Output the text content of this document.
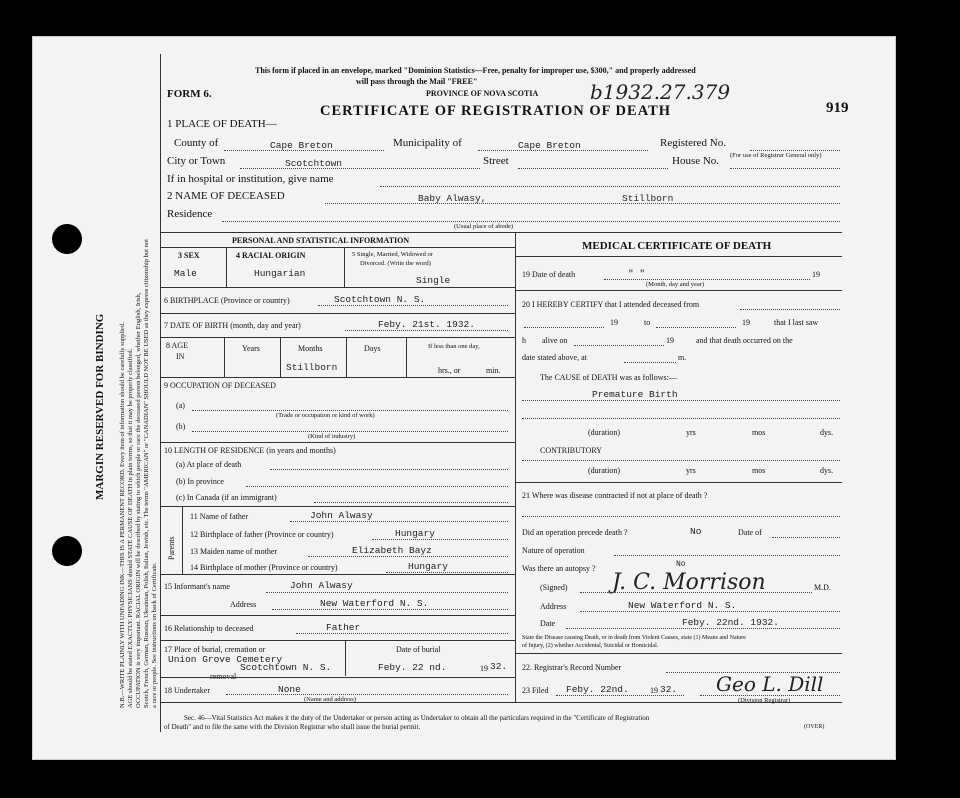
MARGIN RESERVED FOR BINDING N.B.—WRITE PLAINLY WITH UNFADING INK—THIS IS A PERMANENT RECORD. Every item of information should be carefully supplied. AGE should be stated EXACTLY. PHYSICIANS should STATE CAUSE OF DEATH in plain terms, so that it may be properly classified. OCCUPATION is very important. RACIAL ORIGIN will be described by stating to which people or race the deceased person belonged, whether English, Irish, Scotch, French, German, Russian, Ukrainian, Polish, Italian, Jewish, etc. The terms "AMERICAN" or "CANADIAN" SHOULD NOT BE USED as they express citizenship but not a race or people. See instructions on back of Certificate.
This form if placed in an envelope, marked "Dominion Statistics—Free, penalty for improper use, $300," and properly addressed
will pass through the Mail "FREE"
PROVINCE OF NOVA SCOTIA	b1932.27.379
FORM 6.
CERTIFICATE OF REGISTRATION OF DEATH	919
1 PLACE OF DEATH—
County of	Cape Breton	Municipality of	Cape Breton	Registered No.
(For use of Registrar General only)
City or Town	Scotchtown	Street	House No.
If in hospital or institution, give name
2 NAME OF DECEASED	Baby Alwasy,	Stillborn
Residence
(Usual place of abode)
PERSONAL AND STATISTICAL INFORMATION
3 SEX
Male
4 RACIAL ORIGIN
Hungarian
5 Single, Married, Widowed or
Divorced. (Write the word)
Single
6 BIRTHPLACE (Province or country)	Scotchtown N. S.
7 DATE OF BIRTH (month, day and year)	Feby. 21st. 1932.
8 AGE
IN
Years	Months
Stillborn
Days	If less than one day,
hrs., or	min.
9 OCCUPATION OF DECEASED
(a)
(Trade or occupation or kind of work)
(b)
(Kind of industry)
10 LENGTH OF RESIDENCE (in years and months)
(a) At place of death
(b) In province
(c) In Canada (if an immigrant)
Parents
11 Name of father	John Alwasy
12 Birthplace of father (Province or country)	Hungary
13 Maiden name of mother	Elizabeth Bayz
14 Birthplace of mother (Province or country)	Hungary
15 Informant's name	John Alwasy
Address	New Waterford N. S.
16 Relationship to deceased	Father
17 Place of burial, cremation or
Union Grove Cemetery
Scotchtown N. S.
removal
Date of burial
Feby. 22 nd.	19 32.
18 Undertaker	None
(Name and address)
MEDICAL CERTIFICATE OF DEATH
19 Date of death	" "	19
(Month, day and year)
20 I HEREBY CERTIFY that I attended deceased from
19	to	19	that I last saw
h alive on	19	and that death occurred on the
date stated above, at	m.
The CAUSE of DEATH was as follows:—
Premature Birth
(duration)	yrs	mos	dys.
CONTRIBUTORY
(duration)	yrs	mos	dys.
21 Where was disease contracted if not at place of death ?
Did an operation precede death ?	No	Date of
Nature of operation
Was there an autopsy ?	No
(Signed) J. C. Morrison	M.D.
Address	New Waterford N. S.
Date	Feby. 22nd. 1932.
State the Disease causing Death, or in death from Violent Causes, state (1) Means and Nature
of Injury, (2) whether Accidental, Suicidal or Homicidal.
22. Registrar's Record Number
23 Filed Feby. 22nd.	19 32. Geo L. Dill
(Division Registrar)
Sec. 46—Vital Statistics Act makes it the duty of the Undertaker or person acting as Undertaker to obtain all the particulars required in the "Certificate of Registration
of Death" and to file the same with the Division Registrar who shall issue the burial permit.	(OVER)
